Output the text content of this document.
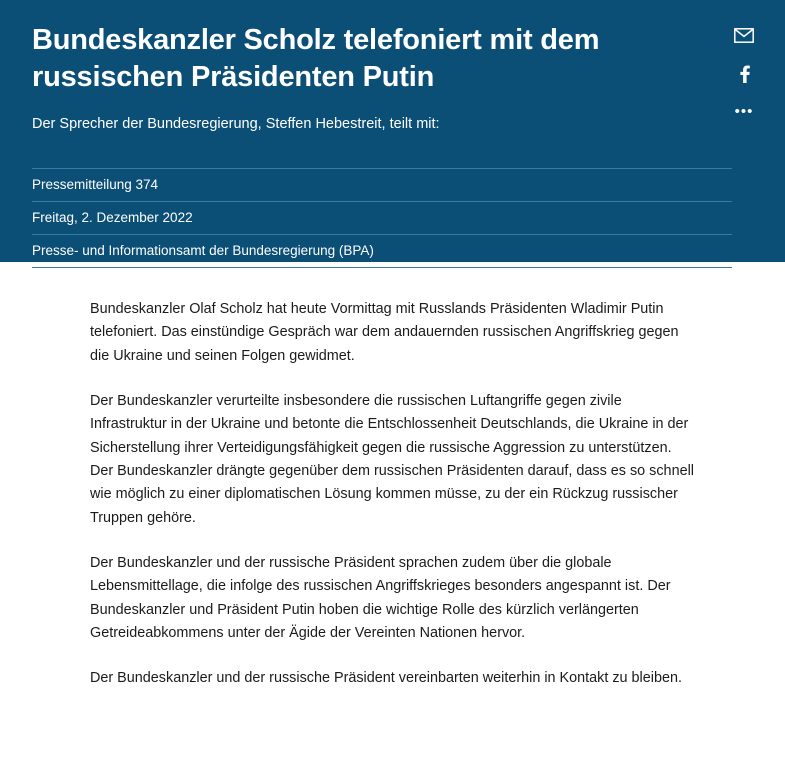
•••
Bundeskanzler Scholz telefoniert mit dem russischen Präsidenten Putin

Der Sprecher der Bundesregierung, Steffen Hebestreit, teilt mit:

Pressemitteilung 374
Freitag, 2. Dezember 2022
Presse- und Informationsamt der Bundesregierung (BPA)

Bundeskanzler Olaf Scholz hat heute Vormittag mit Russlands Präsidenten Wladimir Putin telefoniert. Das einstündige Gespräch war dem andauernden russischen Angriffskrieg gegen die Ukraine und seinen Folgen gewidmet.

Der Bundeskanzler verurteilte insbesondere die russischen Luftangriffe gegen zivile Infrastruktur in der Ukraine und betonte die Entschlossenheit Deutschlands, die Ukraine in der Sicherstellung ihrer Verteidigungsfähigkeit gegen die russische Aggression zu unterstützen. Der Bundeskanzler drängte gegenüber dem russischen Präsidenten darauf, dass es so schnell wie möglich zu einer diplomatischen Lösung kommen müsse, zu der ein Rückzug russischer Truppen gehöre.

Der Bundeskanzler und der russische Präsident sprachen zudem über die globale Lebensmittellage, die infolge des russischen Angriffskrieges besonders angespannt ist. Der Bundeskanzler und Präsident Putin hoben die wichtige Rolle des kürzlich verlängerten Getreideabkommens unter der Ägide der Vereinten Nationen hervor.

Der Bundeskanzler und der russische Präsident vereinbarten weiterhin in Kontakt zu bleiben.
